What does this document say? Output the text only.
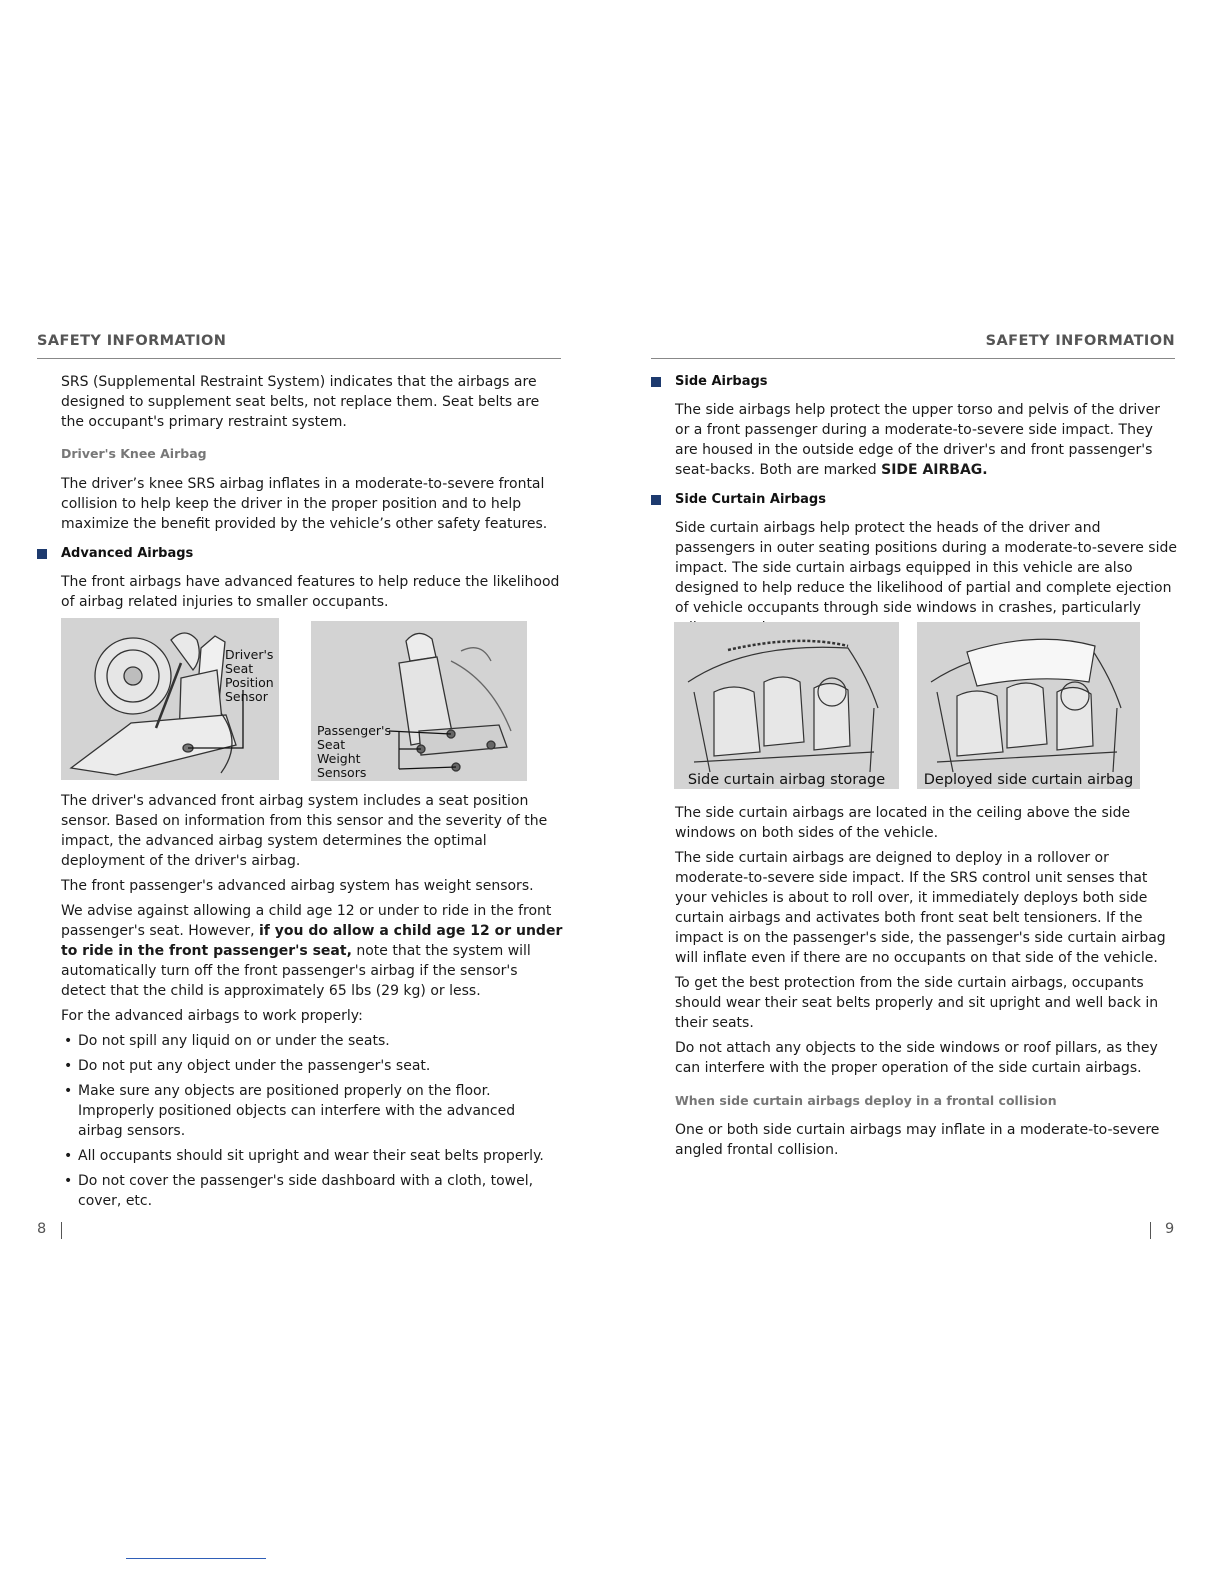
SAFETY INFORMATION	SAFETY INFORMATION

SRS (Supplemental Restraint System) indicates that the airbags are designed to supplement seat belts, not replace them. Seat belts are the occupant's primary restraint system.

Driver's Knee Airbag

The driver’s knee SRS airbag inflates in a moderate-to-severe frontal collision to help keep the driver in the proper position and to help maximize the benefit provided by the vehicle’s other safety features.

Advanced Airbags

The front airbags have advanced features to help reduce the likelihood of airbag related injuries to smaller occupants.

Driver's
Seat
Position
Sensor
Passenger's
Seat
Weight
Sensors

The driver's advanced front airbag system includes a seat position sensor. Based on information from this sensor and the severity of the impact, the advanced airbag system determines the optimal deployment of the driver's airbag.

The front passenger's advanced airbag system has weight sensors.

We advise against allowing a child age 12 or under to ride in the front passenger's seat. However, if you do allow a child age 12 or under to ride in the front passenger's seat, note that the system will automatically turn off the front passenger's airbag if the sensor's detect that the child is approximately 65 lbs (29 kg) or less.

For the advanced airbags to work properly:

• Do not spill any liquid on or under the seats.
• Do not put any object under the passenger's seat.
• Make sure any objects are positioned properly on the floor. Improperly positioned objects can interfere with the advanced airbag sensors.
• All occupants should sit upright and wear their seat belts properly.
• Do not cover the passenger's side dashboard with a cloth, towel, cover, etc.
Side Airbags

The side airbags help protect the upper torso and pelvis of the driver or a front passenger during a moderate-to-severe side impact. They are housed in the outside edge of the driver's and front passenger's seat-backs. Both are marked SIDE AIRBAG.

Side Curtain Airbags

Side curtain airbags help protect the heads of the driver and passengers in outer seating positions during a moderate-to-severe side impact. The side curtain airbags equipped in this vehicle are also designed to help reduce the likelihood of partial and complete ejection of vehicle occupants through side windows in crashes, particularly

Side curtain airbag storage	Deployed side curtain airbag

The side curtain airbags are located in the ceiling above the side windows on both sides of the vehicle.

The side curtain airbags are deigned to deploy in a rollover or moderate-to-severe side impact. If the SRS control unit senses that your vehicles is about to roll over, it immediately deploys both side curtain airbags and activates both front seat belt tensioners. If the impact is on the passenger's side, the passenger's side curtain airbag will inflate even if there are no occupants on that side of the vehicle.

To get the best protection from the side curtain airbags, occupants should wear their seat belts properly and sit upright and well back in their seats.

Do not attach any objects to the side windows or roof pillars, as they can interfere with the proper operation of the side curtain airbags.

When side curtain airbags deploy in a frontal collision

One or both side curtain airbags may inflate in a moderate-to-severe angled frontal collision.

8	9
